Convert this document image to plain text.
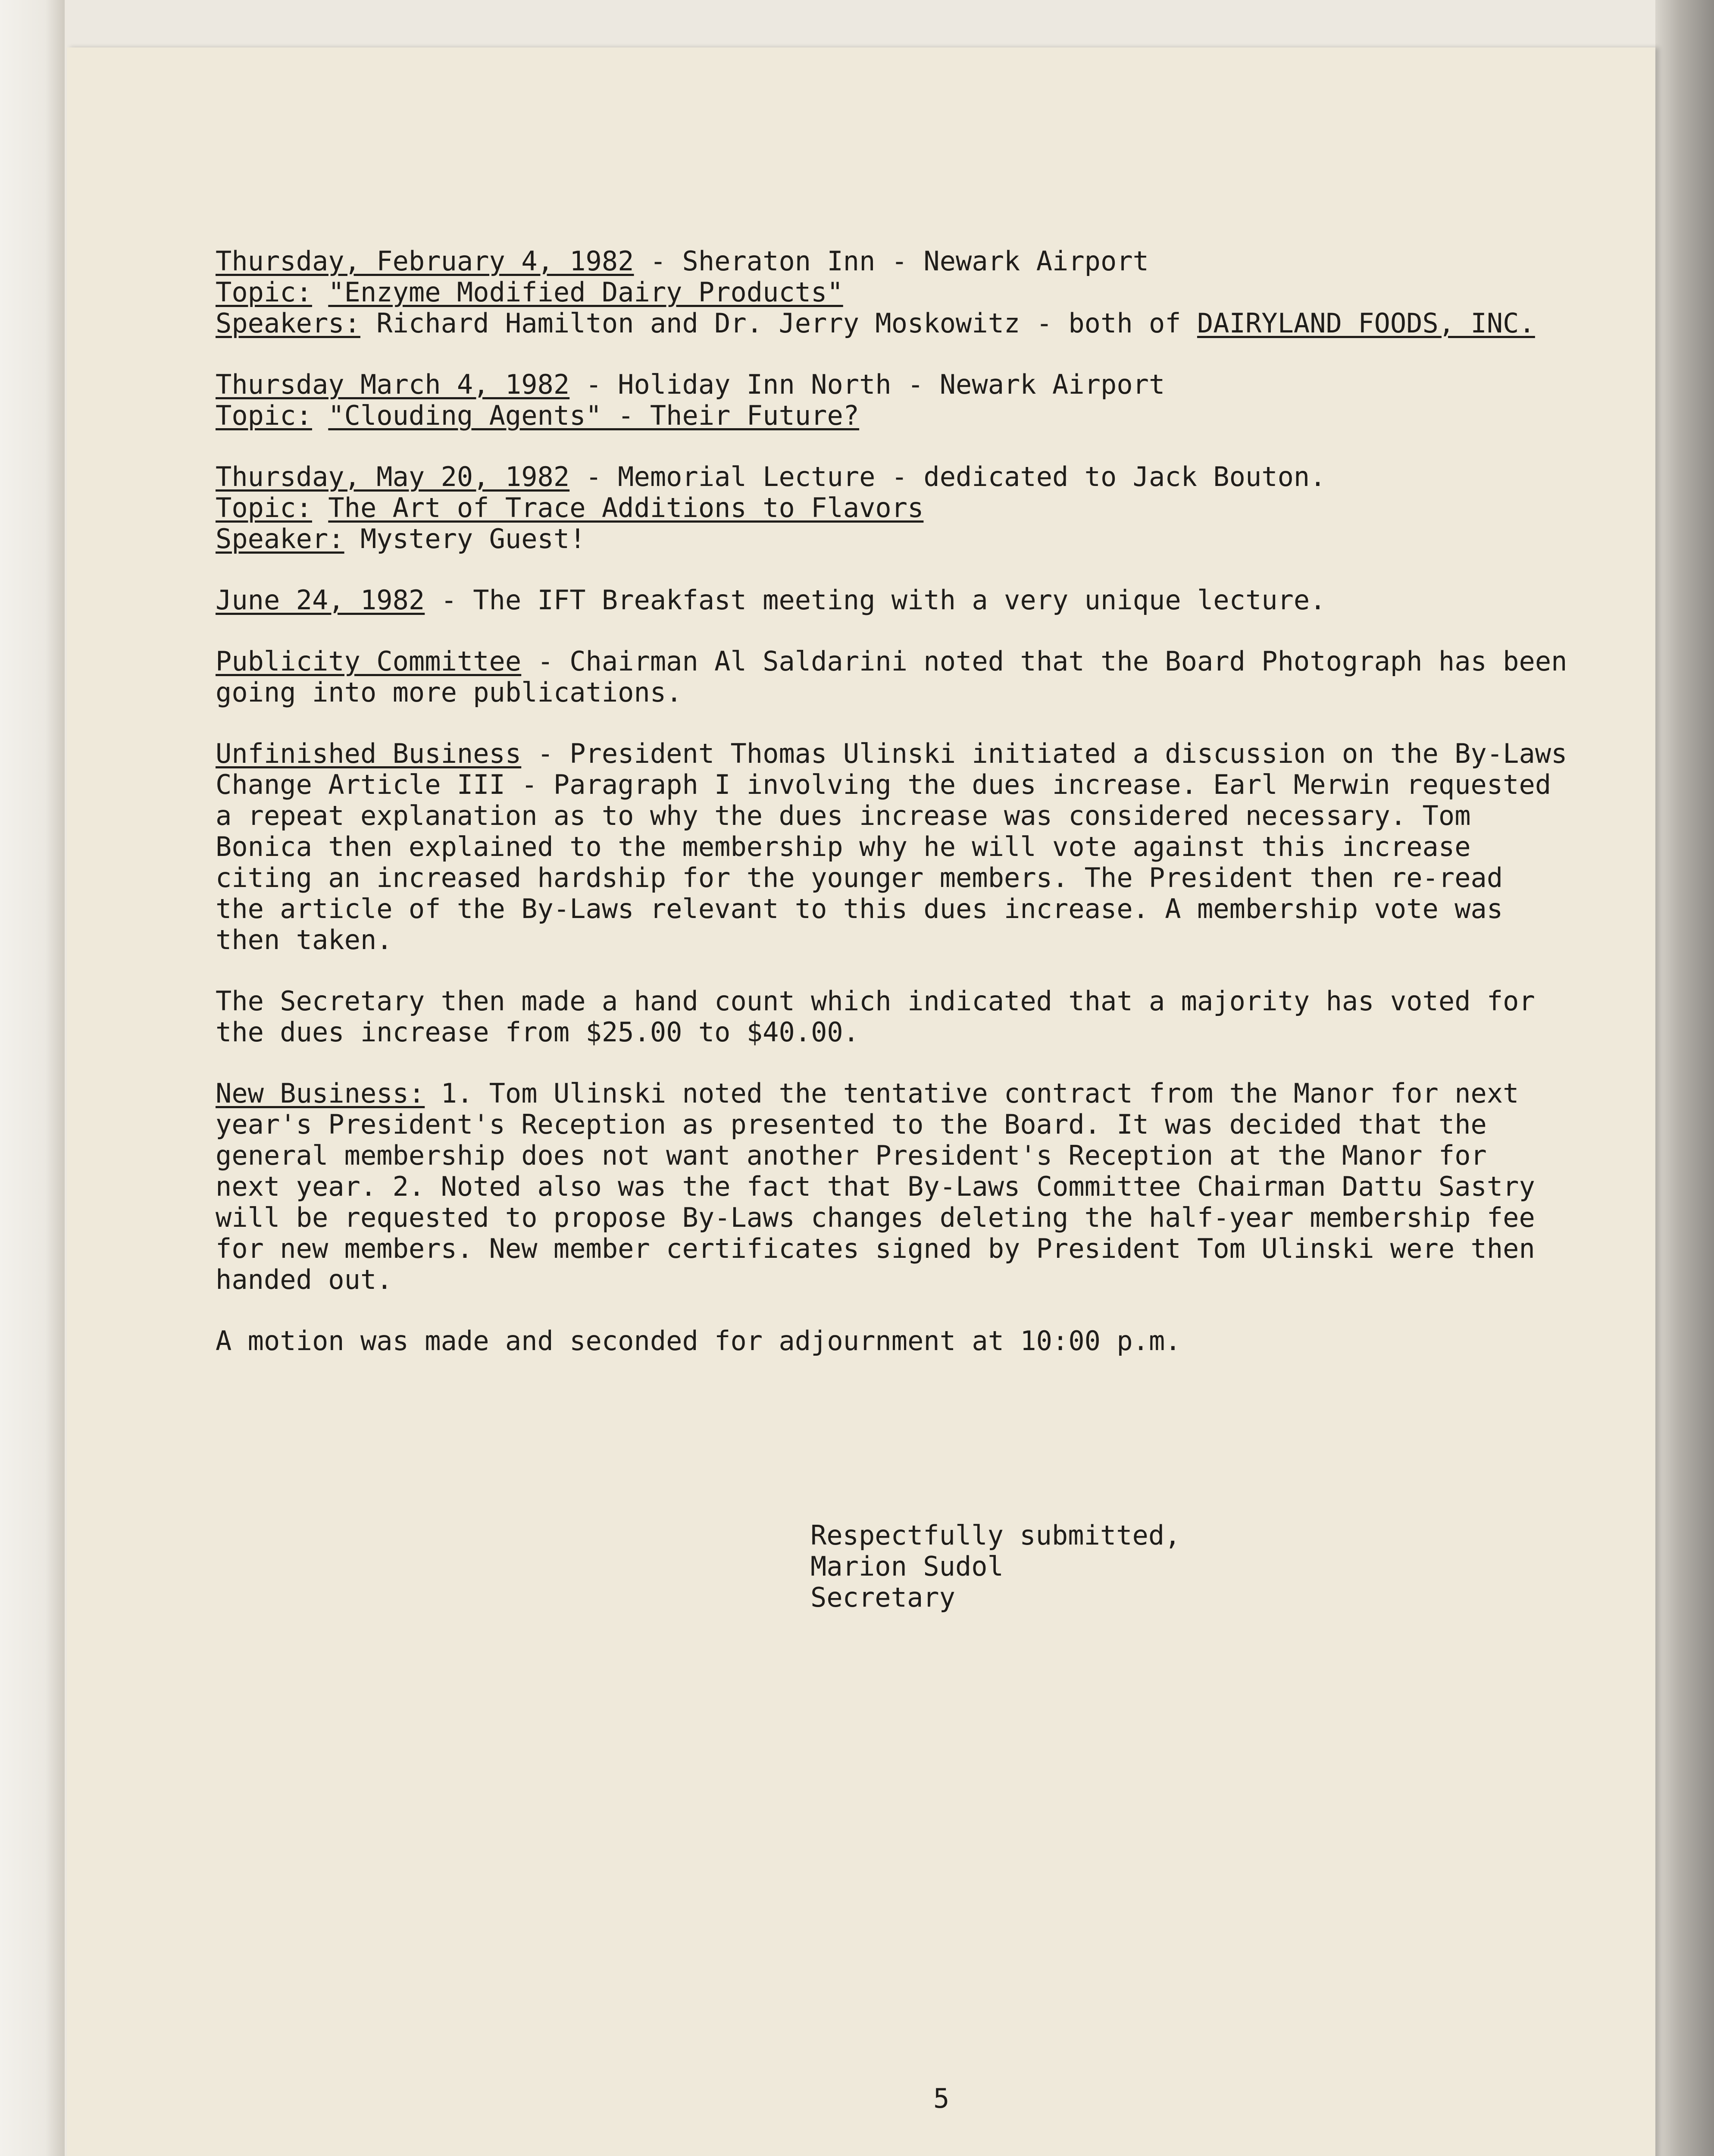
Thursday, February 4, 1982 - Sheraton Inn - Newark Airport
Topic: "Enzyme Modified Dairy Products"
Speakers: Richard Hamilton and Dr. Jerry Moskowitz - both of DAIRYLAND FOODS, INC.
Thursday March 4, 1982 - Holiday Inn North - Newark Airport
Topic: "Clouding Agents" - Their Future?
Thursday, May 20, 1982 - Memorial Lecture - dedicated to Jack Bouton.
Topic: The Art of Trace Additions to Flavors
Speaker: Mystery Guest!
June 24, 1982 - The IFT Breakfast meeting with a very unique lecture.
Publicity Committee - Chairman Al Saldarini noted that the Board Photograph has been
going into more publications.
Unfinished Business - President Thomas Ulinski initiated a discussion on the By-Laws
Change Article III - Paragraph I involving the dues increase. Earl Merwin requested
a repeat explanation as to why the dues increase was considered necessary. Tom
Bonica then explained to the membership why he will vote against this increase
citing an increased hardship for the younger members. The President then re-read
the article of the By-Laws relevant to this dues increase. A membership vote was
then taken.
The Secretary then made a hand count which indicated that a majority has voted for
the dues increase from $25.00 to $40.00.
New Business: 1. Tom Ulinski noted the tentative contract from the Manor for next
year's President's Reception as presented to the Board. It was decided that the
general membership does not want another President's Reception at the Manor for
next year. 2. Noted also was the fact that By-Laws Committee Chairman Dattu Sastry
will be requested to propose By-Laws changes deleting the half-year membership fee
for new members. New member certificates signed by President Tom Ulinski were then
handed out.
A motion was made and seconded for adjournment at 10:00 p.m.
Respectfully submitted,
Marion Sudol
Secretary
5
